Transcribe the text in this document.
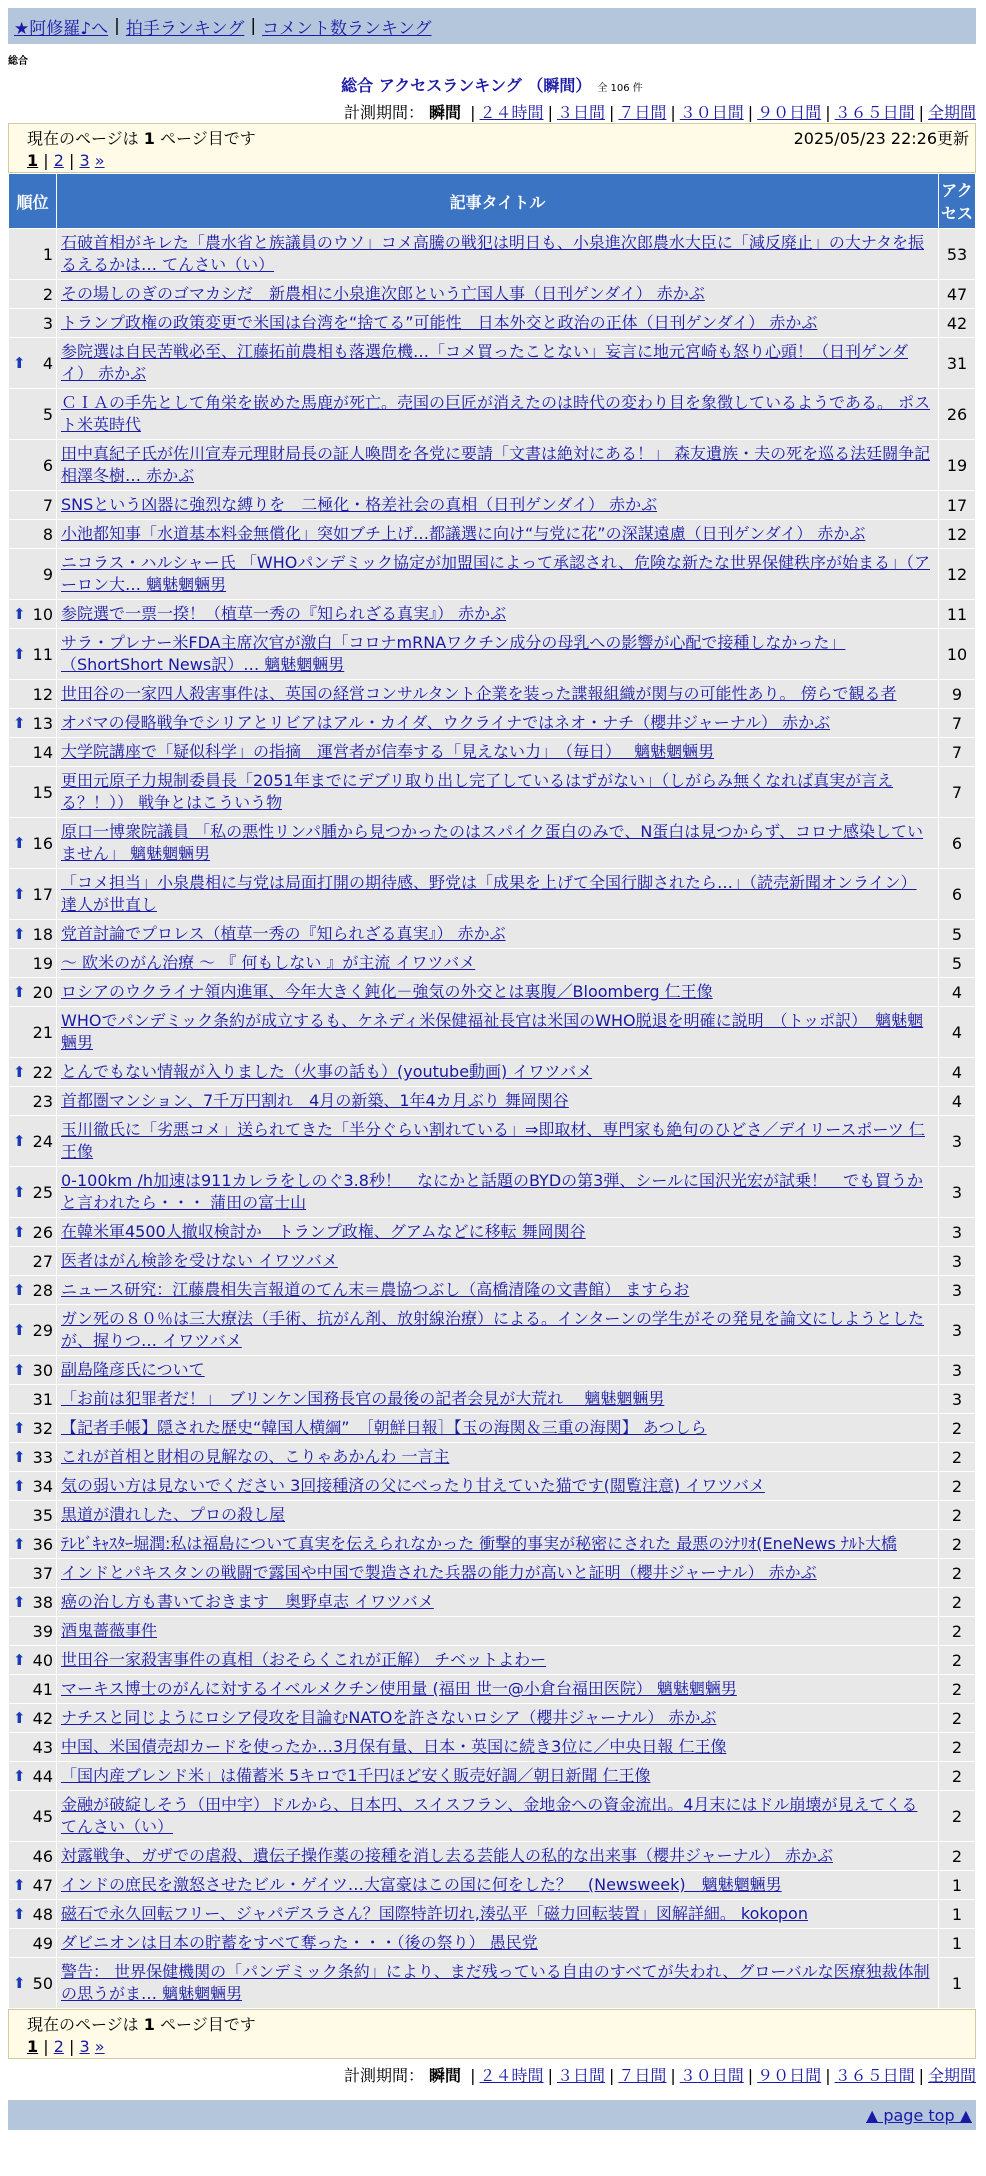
★阿修羅♪へ | 拍手ランキング | コメント数ランキング
総合
総合 アクセスランキング （瞬間） 全 106 件
計測期間： 瞬間 | ２４時間 | ３日間 | ７日間 | ３０日間 | ９０日間 | ３６５日間 | 全期間
現在のページは 1 ページ目です	2025/05/23 22:26更新
1 | 2 | 3 »
順位	記事タイトル	アクセス
1	石破首相がキレた「農水省と族議員のウソ」コメ高騰の戦犯は明日も、小泉進次郎農水大臣に「減反廃止」の大ナタを振るえるかは… てんさい（い）	53
2	その場しのぎのゴマカシだ　新農相に小泉進次郎という亡国人事（日刊ゲンダイ） 赤かぶ	47
3	トランプ政権の政策変更で米国は台湾を“捨てる”可能性　日本外交と政治の正体（日刊ゲンダイ） 赤かぶ	42

⬆ 4	参院選は自民苦戦必至、江藤拓前農相も落選危機…「コメ買ったことない」妄言に地元宮崎も怒り心頭！（日刊ゲンダイ） 赤かぶ	31
5	ＣＩＡの手先として角栄を嵌めた馬鹿が死亡。売国の巨匠が消えたのは時代の変わり目を象徴しているようである。 ポスト米英時代	26
6	田中真紀子氏が佐川宣寿元理財局長の証人喚問を各党に要請「文書は絶対にある！」 森友遺族・夫の死を巡る法廷闘争記 相澤冬樹… 赤かぶ	19
7	SNSという凶器に強烈な縛りを　二極化・格差社会の真相（日刊ゲンダイ） 赤かぶ	17
8	小池都知事「水道基本料金無償化」突如ブチ上げ…都議選に向け“与党に花”の深謀遠慮（日刊ゲンダイ） 赤かぶ	12
9	ニコラス・ハルシャー氏 「WHOパンデミック協定が加盟国によって承認され、危険な新たな世界保健秩序が始まる」（アーロン大… 魑魅魍魎男	12

⬆ 10	参院選で一票一揆！（植草一秀の『知られざる真実』） 赤かぶ	11

⬆ 11	サラ・プレナー米FDA主席次官が激白「コロナmRNAワクチン成分の母乳への影響が心配で接種しなかった」（ShortShort News訳）… 魑魅魍魎男	10
12	世田谷の一家四人殺害事件は、英国の経営コンサルタント企業を装った諜報組織が関与の可能性あり。 傍らで観る者	9

⬆ 13	オバマの侵略戦争でシリアとリビアはアル・カイダ、ウクライナではネオ・ナチ（櫻井ジャーナル） 赤かぶ	7
14	大学院講座で「疑似科学」の指摘　運営者が信奉する「見えない力」　（毎日）　 魑魅魍魎男	7
15	更田元原子力規制委員長「2051年までにデブリ取り出し完了しているはずがない」（しがらみ無くなれば真実が言える？！）） 戦争とはこういう物	7

⬆ 16	原口一博衆院議員 「私の悪性リンパ腫から見つかったのはスパイク蛋白のみで、N蛋白は見つからず、コロナ感染していません」 魑魅魍魎男	6

⬆ 17	「コメ担当」小泉農相に与党は局面打開の期待感、野党は「成果を上げて全国行脚されたら…」（読売新聞オンライン） 達人が世直し	6

⬆ 18	党首討論でプロレス（植草一秀の『知られざる真実』） 赤かぶ	5
19	～ 欧米のがん治療 ～ 『 何もしない 』が主流 イワツバメ	5

⬆ 20	ロシアのウクライナ領内進軍、今年大きく鈍化－強気の外交とは裏腹／Bloomberg 仁王像	4
21	WHOでパンデミック条約が成立するも、ケネディ米保健福祉長官は米国のWHO脱退を明確に説明　（トッポ訳）　魑魅魍魎男	4

⬆ 22	とんでもない情報が入りました（火事の話も）(youtube動画) イワツバメ	4
23	首都圏マンション、7千万円割れ　4月の新築、1年4カ月ぶり 舞岡関谷	4

⬆ 24	玉川徹氏に「劣悪コメ」送られてきた「半分ぐらい割れている」⇒即取材、専門家も絶句のひどさ／デイリースポーツ 仁王像	3

⬆ 25	0-100km /h加速は911カレラをしのぐ3.8秒！　なにかと話題のBYDの第3弾、シールに国沢光宏が試乗！　でも買うかと言われたら・・・ 蒲田の富士山	3

⬆ 26	在韓米軍4500人撤収検討か　トランプ政権、グアムなどに移転 舞岡関谷	3
27	医者はがん検診を受けない イワツバメ	3

⬆ 28	ニュース研究：江藤農相失言報道のてん末＝農協つぶし（高橋清隆の文書館） ますらお	3

⬆ 29	ガン死の８０％は三大療法（手術、抗がん剤、放射線治療）による。インターンの学生がその発見を論文にしようとしたが、握りつ… イワツバメ	3

⬆ 30	副島隆彦氏について	3
31	「お前は犯罪者だ！」　ブリンケン国務長官の最後の記者会見が大荒れ　 魑魅魍魎男	3

⬆ 32	【記者手帳】隠された歴史“韓国人横綱”　［朝鮮日報］【玉の海関＆三重の海関】 あつしら	2

⬆ 33	これが首相と財相の見解なの、こりゃあかんわ 一言主	2

⬆ 34	気の弱い方は見ないでください 3回接種済の父にべったり甘えていた猫です(閲覧注意) イワツバメ	2
35	黒道が潰れした、プロの殺し屋	2

⬆ 36	ﾃﾚﾋﾞｷｬｽﾀｰ堀潤:私は福島について真実を伝えられなかった 衝撃的事実が秘密にされた 最悪のｼﾅﾘｵ(EneNews ﾅﾙﾄ大橋	2
37	インドとパキスタンの戦闘で露国や中国で製造された兵器の能力が高いと証明（櫻井ジャーナル） 赤かぶ	2

⬆ 38	癌の治し方も書いておきます　奥野卓志 イワツバメ	2
39	酒鬼薔薇事件	2

⬆ 40	世田谷一家殺害事件の真相（おそらくこれが正解） チベットよわー	2
41	マーキス博士のがんに対するイベルメクチン使用量 (福田 世一@小倉台福田医院） 魑魅魍魎男	2

⬆ 42	ナチスと同じようにロシア侵攻を目論むNATOを許さないロシア（櫻井ジャーナル） 赤かぶ	2
43	中国、米国債売却カードを使ったか…3月保有量、日本・英国に続き3位に／中央日報 仁王像	2

⬆ 44	「国内産ブレンド米」は備蓄米 5キロで1千円ほど安く販売好調／朝日新聞 仁王像	2
45	金融が破綻しそう（田中宇）ドルから、日本円、スイスフラン、金地金への資金流出。4月末にはドル崩壊が見えてくる てんさい（い）	2
46	対露戦争、ガザでの虐殺、遺伝子操作薬の接種を消し去る芸能人の私的な出来事（櫻井ジャーナル） 赤かぶ	2

⬆ 47	インドの庶民を激怒させたビル・ゲイツ…大富豪はこの国に何をした？　(Newsweek)　魑魅魍魎男	1

⬆ 48	磁石で永久回転フリー、ジャパデスラさん？国際特許切れ,湊弘平「磁力回転装置」図解詳細。 kokopon	1
49	ダビニオンは日本の貯蓄をすべて奪った・・・（後の祭り） 愚民党	1

⬆ 50	警告： 世界保健機関の「パンデミック条約」により、まだ残っている自由のすべてが失われ、グローバルな医療独裁体制の思うがま… 魑魅魍魎男	1
現在のページは 1 ページ目です
1 | 2 | 3 »
計測期間： 瞬間 | ２４時間 | ３日間 | ７日間 | ３０日間 | ９０日間 | ３６５日間 | 全期間
▲ page top ▲
